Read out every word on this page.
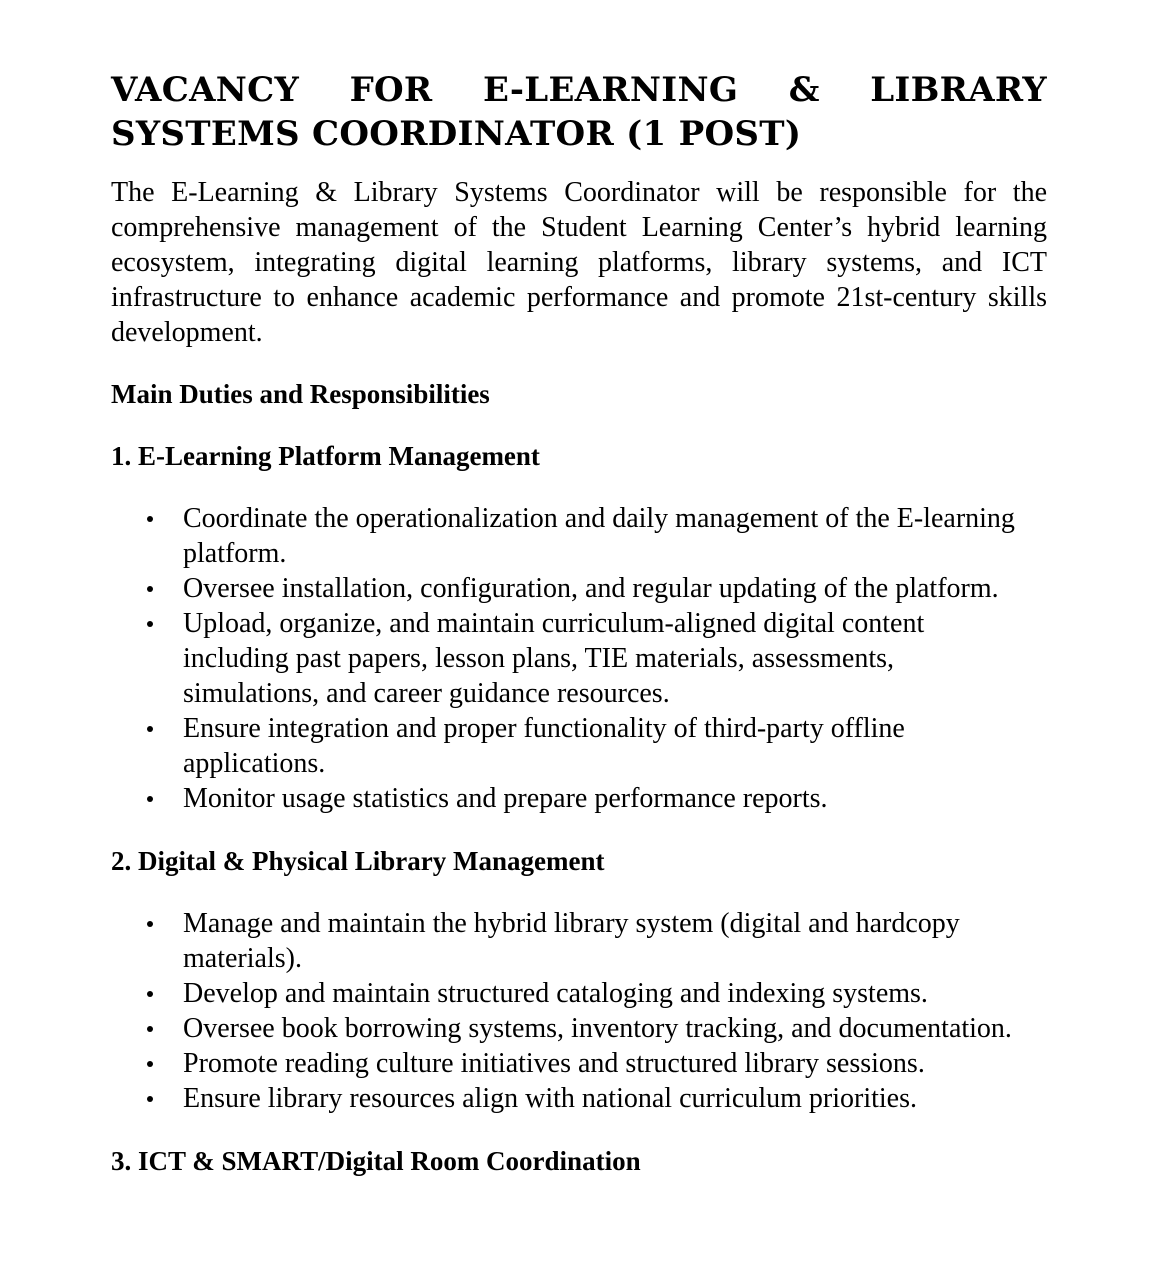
VACANCY FOR E-LEARNING & LIBRARY SYSTEMS COORDINATOR (1 POST)

The E-Learning & Library Systems Coordinator will be responsible for the comprehensive management of the Student Learning Center’s hybrid learning ecosystem, integrating digital learning platforms, library systems, and ICT infrastructure to enhance academic performance and promote 21st-century skills development.

Main Duties and Responsibilities
1. E-Learning Platform Management
Coordinate the operationalization and daily management of the E-learning platform.
Oversee installation, configuration, and regular updating of the platform.
Upload, organize, and maintain curriculum-aligned digital content including past papers, lesson plans, TIE materials, assessments, simulations, and career guidance resources.
Ensure integration and proper functionality of third-party offline applications.
Monitor usage statistics and prepare performance reports.
2. Digital & Physical Library Management
Manage and maintain the hybrid library system (digital and hardcopy materials).
Develop and maintain structured cataloging and indexing systems.
Oversee book borrowing systems, inventory tracking, and documentation.
Promote reading culture initiatives and structured library sessions.
Ensure library resources align with national curriculum priorities.
3. ICT & SMART/Digital Room Coordination
